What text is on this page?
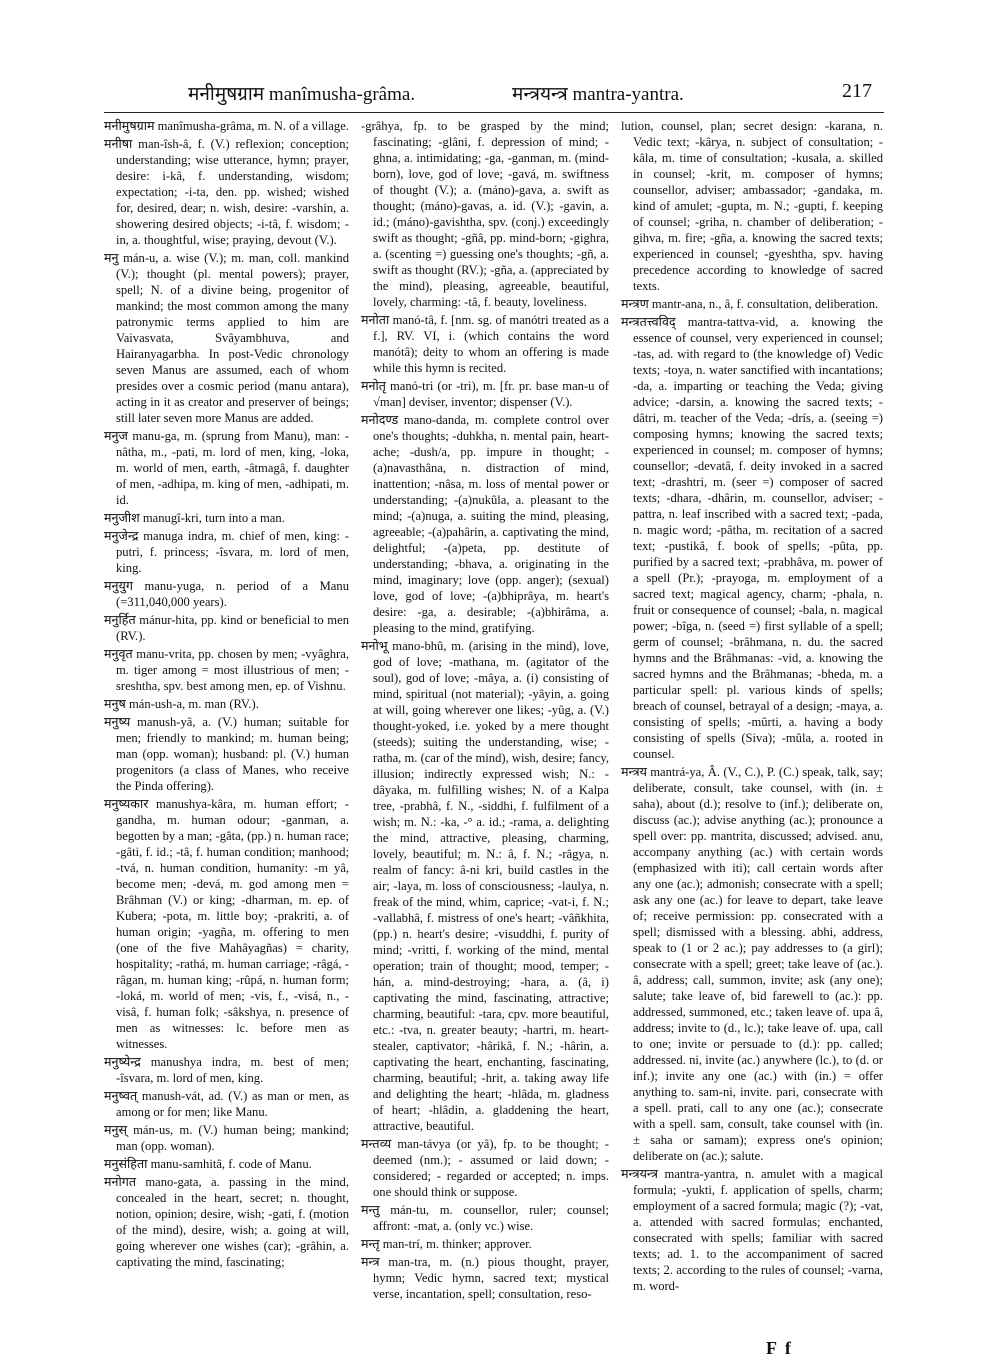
मनीमुषग्राम manîmusha-grâma.	मन्त्रयन्त्र mantra-yantra.	217

मनीमुषग्राम manîmusha-grâma, m. N. of a village.

मनीषा man-îsh-â, f. (V.) reflexion; conception; understanding; wise utterance, hymn; prayer, desire: i-kâ, f. understanding, wisdom; expectation; -i-ta, den. pp. wished; wished for, desired, dear; n. wish, desire: -varshin, a. showering desired objects; -i-tâ, f. wisdom; -in, a. thoughtful, wise; praying, devout (V.).

मनु mán-u, a. wise (V.); m. man, coll. mankind (V.); thought (pl. mental powers); prayer, spell; N. of a divine being, progenitor of mankind; the most common among the many patronymic terms applied to him are Vaivasvata, Svâyambhuva, and Hairanyagarbha. In post-Vedic chronology seven Manus are assumed, each of whom presides over a cosmic period (manu antara), acting in it as creator and preserver of beings; still later seven more Manus are added.

मनुज manu-ga, m. (sprung from Manu), man: -nâtha, m., -pati, m. lord of men, king, -loka, m. world of men, earth, -âtmagâ, f. daughter of men, -adhipa, m. king of men, -adhipati, m. id.

मनुजीश manugî-kri, turn into a man.

मनुजेन्द्र manuga indra, m. chief of men, king: -putri, f. princess; -îsvara, m. lord of men, king.

मनुयुग manu-yuga, n. period of a Manu (=311,040,000 years).

मनुर्हित mánur-hita, pp. kind or beneficial to men (RV.).

मनुवृत manu-vrita, pp. chosen by men; -vyâghra, m. tiger among = most illustrious of men; -sreshtha, spv. best among men, ep. of Vishnu.

मनुष mán-ush-a, m. man (RV.).

मनुष्य manush-yâ, a. (V.) human; suitable for men; friendly to mankind; m. human being; man (opp. woman); husband: pl. (V.) human progenitors (a class of Manes, who receive the Pinda offering).

मनुष्यकार manushya-kâra, m. human effort; -gandha, m. human odour; -ganman, a. begotten by a man; -gâta, (pp.) n. human race; -gâti, f. id.; -tâ, f. human condition; manhood; -tvá, n. human condition, humanity: -m yâ, become men; -devá, m. god among men = Brâhman (V.) or king; -dharman, m. ep. of Kubera; -pota, m. little boy; -prakriti, a. of human origin; -yagña, m. offering to men (one of the five Mahâyagñas) = charity, hospitality; -rathá, m. human carriage; -râgá, -râgan, m. human king; -rûpá, n. human form; -loká, m. world of men; -vis, f., -visá, n., -visâ, f. human folk; -sâkshya, n. presence of men as witnesses: lc. before men as witnesses.

मनुष्येन्द्र manushya indra, m. best of men; -îsvara, m. lord of men, king.

मनुष्वत् manush-vát, ad. (V.) as man or men, as among or for men; like Manu.

मनुस् mán-us, m. (V.) human being; mankind; man (opp. woman).

मनुसंहिता manu-samhitâ, f. code of Manu.

मनोगत mano-gata, a. passing in the mind, concealed in the heart, secret; n. thought, notion, opinion; desire, wish; -gati, f. (motion of the mind), desire, wish; a. going at will, going wherever one wishes (car); -grâhin, a. captivating the mind, fascinating;

-grâhya, fp. to be grasped by the mind; fascinating; -glâni, f. depression of mind; -ghna, a. intimidating; -ga, -ganman, m. (mind-born), love, god of love; -gavá, m. swiftness of thought (V.); a. (máno)-gava, a. swift as thought; (máno)-gavas, a. id. (V.); -gavin, a. id.; (máno)-gavishtha, spv. (conj.) exceedingly swift as thought; -gñâ, pp. mind-born; -gighra, a. (scenting =) guessing one's thoughts; -gñ, a. swift as thought (RV.); -gña, a. (appreciated by the mind), pleasing, agreeable, beautiful, lovely, charming: -tâ, f. beauty, loveliness.

मनोता manó-tâ, f. [nm. sg. of manótri treated as a f.], RV. VI, i. (which contains the word manótâ); deity to whom an offering is made while this hymn is recited.

मनोतृ manó-tri (or -tri), m. [fr. pr. base man-u of √man] deviser, inventor; dispenser (V.).

मनोदण्ड mano-danda, m. complete control over one's thoughts; -duhkha, n. mental pain, heart-ache; -dush/a, pp. impure in thought; -(a)navasthâna, n. distraction of mind, inattention; -nâsa, m. loss of mental power or understanding; -(a)nukûla, a. pleasant to the mind; -(a)nuga, a. suiting the mind, pleasing, agreeable; -(a)pahârin, a. captivating the mind, delightful; -(a)peta, pp. destitute of understanding; -bhava, a. originating in the mind, imaginary; love (opp. anger); (sexual) love, god of love; -(a)bhiprâya, m. heart's desire: -ga, a. desirable; -(a)bhirâma, a. pleasing to the mind, gratifying.

मनोभू mano-bhû, m. (arising in the mind), love, god of love; -mathana, m. (agitator of the soul), god of love; -mâya, a. (i) consisting of mind, spiritual (not material); -yâyin, a. going at will, going wherever one likes; -yûg, a. (V.) thought-yoked, i.e. yoked by a mere thought (steeds); suiting the understanding, wise; -ratha, m. (car of the mind), wish, desire; fancy, illusion; indirectly expressed wish; N.: -dâyaka, m. fulfilling wishes; N. of a Kalpa tree, -prabhâ, f. N., -siddhi, f. fulfilment of a wish; m. N.: -ka, -° a. id.; -rama, a. delighting the mind, attractive, pleasing, charming, lovely, beautiful; m. N.: â, f. N.; -râgya, n. realm of fancy: â-ni kri, build castles in the air; -laya, m. loss of consciousness; -laulya, n. freak of the mind, whim, caprice; -vat-i, f. N.; -vallabhâ, f. mistress of one's heart; -vâñkhita, (pp.) n. heart's desire; -visuddhi, f. purity of mind; -vritti, f. working of the mind, mental operation; train of thought; mood, temper; -hán, a. mind-destroying; -hara, a. (â, i) captivating the mind, fascinating, attractive; charming, beautiful: -tara, cpv. more beautiful, etc.: -tva, n. greater beauty; -hartri, m. heart-stealer, captivator; -hârikâ, f. N.; -hârin, a. captivating the heart, enchanting, fascinating, charming, beautiful; -hrit, a. taking away life and delighting the heart; -hlâda, m. gladness of heart; -hlâdin, a. gladdening the heart, attractive, beautiful.

मन्तव्य man-távya (or yâ), fp. to be thought; - deemed (nm.); - assumed or laid down; - considered; - regarded or accepted; n. imps. one should think or suppose.

मन्तु mán-tu, m. counsellor, ruler; counsel; affront: -mat, a. (only vc.) wise.

मन्तृ man-trí, m. thinker; approver.

मन्त्र man-tra, m. (n.) pious thought, prayer, hymn; Vedic hymn, sacred text; mystical verse, incantation, spell; consultation, reso-

lution, counsel, plan; secret design: -karana, n. Vedic text; -kârya, n. subject of consultation; -kâla, m. time of consultation; -kusala, a. skilled in counsel; -krit, m. composer of hymns; counsellor, adviser; ambassador; -gandaka, m. kind of amulet; -gupta, m. N.; -gupti, f. keeping of counsel; -griha, n. chamber of deliberation; -gihva, m. fire; -gña, a. knowing the sacred texts; experienced in counsel; -gyeshtha, spv. having precedence according to knowledge of sacred texts.

मन्त्रण mantr-ana, n., â, f. consultation, deliberation.

मन्त्रतत्त्वविद् mantra-tattva-vid, a. knowing the essence of counsel, very experienced in counsel; -tas, ad. with regard to (the knowledge of) Vedic texts; -toya, n. water sanctified with incantations; -da, a. imparting or teaching the Veda; giving advice; -darsin, a. knowing the sacred texts; -dâtri, m. teacher of the Veda; -drís, a. (seeing =) composing hymns; knowing the sacred texts; experienced in counsel; m. composer of hymns; counsellor; -devatâ, f. deity invoked in a sacred text; -drashtri, m. (seer =) composer of sacred texts; -dhara, -dhârin, m. counsellor, adviser; -pattra, n. leaf inscribed with a sacred text; -pada, n. magic word; -pâtha, m. recitation of a sacred text; -pustikâ, f. book of spells; -pûta, pp. purified by a sacred text; -prabhâva, m. power of a spell (Pr.); -prayoga, m. employment of a sacred text; magical agency, charm; -phala, n. fruit or consequence of counsel; -bala, n. magical power; -bîga, n. (seed =) first syllable of a spell; germ of counsel; -brâhmana, n. du. the sacred hymns and the Brâhmanas: -vid, a. knowing the sacred hymns and the Brâhmanas; -bheda, m. a particular spell: pl. various kinds of spells; breach of counsel, betrayal of a design; -maya, a. consisting of spells; -mûrti, a. having a body consisting of spells (Siva); -mûla, a. rooted in counsel.

मन्त्रय mantrá-ya, Â. (V., C.), P. (C.) speak, talk, say; deliberate, consult, take counsel, with (in. ± saha), about (d.); resolve to (inf.); deliberate on, discuss (ac.); advise anything (ac.); pronounce a spell over: pp. mantrita, discussed; advised. anu, accompany anything (ac.) with certain words (emphasized with iti); call certain words after any one (ac.); admonish; consecrate with a spell; ask any one (ac.) for leave to depart, take leave of; receive permission: pp. consecrated with a spell; dismissed with a blessing. abhi, address, speak to (1 or 2 ac.); pay addresses to (a girl); consecrate with a spell; greet; take leave of (ac.). â, address; call, summon, invite; ask (any one); salute; take leave of, bid farewell to (ac.): pp. addressed, summoned, etc.; taken leave of. upa â, address; invite to (d., lc.); take leave of. upa, call to one; invite or persuade to (d.): pp. called; addressed. ni, invite (ac.) anywhere (lc.), to (d. or inf.); invite any one (ac.) with (in.) = offer anything to. sam-ni, invite. pari, consecrate with a spell. prati, call to any one (ac.); consecrate with a spell. sam, consult, take counsel with (in. ± saha or samam); express one's opinion; deliberate on (ac.); salute.

मन्त्रयन्त्र mantra-yantra, n. amulet with a magical formula; -yukti, f. application of spells, charm; employment of a sacred formula; magic (?); -vat, a. attended with sacred formulas; enchanted, consecrated with spells; familiar with sacred texts; ad. 1. to the accompaniment of sacred texts; 2. according to the rules of counsel; -varna, m. word-

F f
